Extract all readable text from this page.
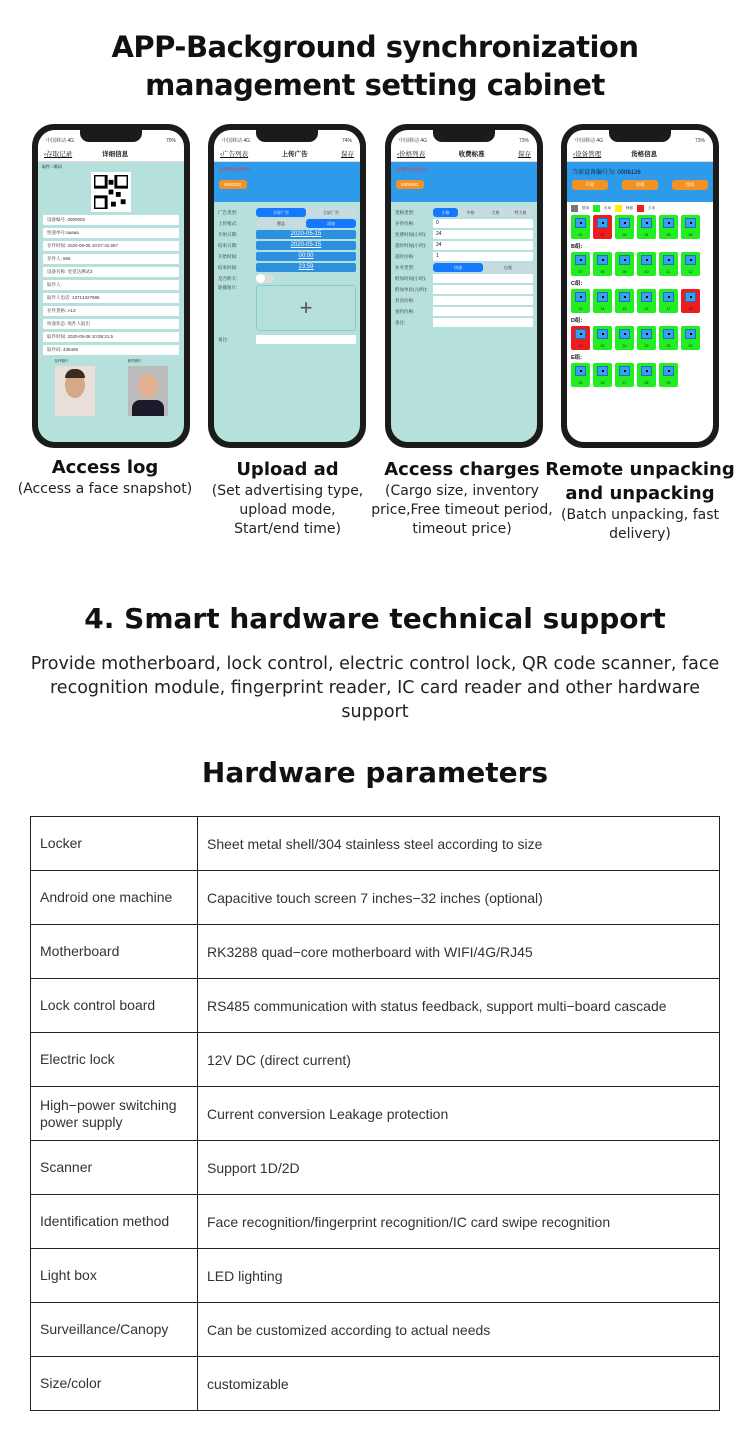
APP-Background synchronization
management setting cabinet
中国移动 4G	70%
‹存取记录	详细信息
取件二维码
设备编号: 0000003
快递单号:aaaaa
存件时间: 2020-05-05 10:07:32.657
存件人: 666
设备名称: 壹壹达测试3
取件人:
取件人电话: 13714327888
存件货格: A13
快递状态: 收件人取出
取件时间: 2020-05-06 10:08:21.5
取件码: 436489
存件照片	取件照片
中国移动 4G	74%
‹广告列表	上传广告	保存
选择的设备编号
0000003
广告类型:	半屏广告	全屏广告
上传模式:	覆盖	添加
开始日期:	2020-05-15
结束日期:	2020-05-15
开始时间:	00:00
结束时间:	23:59
是否跨天:
轮播图片:
+
备注:
中国移动 4G	73%
‹价格列表	收费标准	保存
选择的设备编号
0000003
货格类型:	小格	中格	大格	特大格
存件价格:	0
免费时间(小时):	24
超时时间(小时):	24
超时价格:	1
业务类型:	快递	包裹
附加时间(小时):
附加单价(元/时):
封顶价格:
预约价格:
备注:
中国移动 4G	73%
‹设备管理	货格信息
当前设备编号为: 0006126
开箱	清箱	授权
禁用	可用	保留	占用
01	02	03	04	05	06
B组:
07	08	09	10	11	12
C组:
13	14	15	16	17	18
D组:
19	20	21	22	23	24
E组:
25	26	27	28	29
Access log
(Access a face snapshot)
Upload ad
(Set advertising type, upload mode, Start/end time)
Access charges
(Cargo size, inventory price,Free timeout period, timeout price)
Remote unpacking and unpacking
(Batch unpacking, fast delivery)
4. Smart hardware technical support
Provide motherboard, lock control, electric control lock, QR code scanner, face recognition module, fingerprint reader, IC card reader and other hardware support
Hardware parameters
Locker	Sheet metal shell/304 stainless steel according to size
Android one machine	Capacitive touch screen 7 inches−32 inches (optional)
Motherboard	RK3288 quad−core motherboard with WIFI/4G/RJ45
Lock control board	RS485 communication with status feedback, support multi−board cascade
Electric lock	12V DC (direct current)
High−power switching power supply	Current conversion Leakage protection
Scanner	Support 1D/2D
Identification method	Face recognition/fingerprint recognition/IC card swipe recognition
Light box	LED lighting
Surveillance/Canopy	Can be customized according to actual needs
Size/color	customizable
